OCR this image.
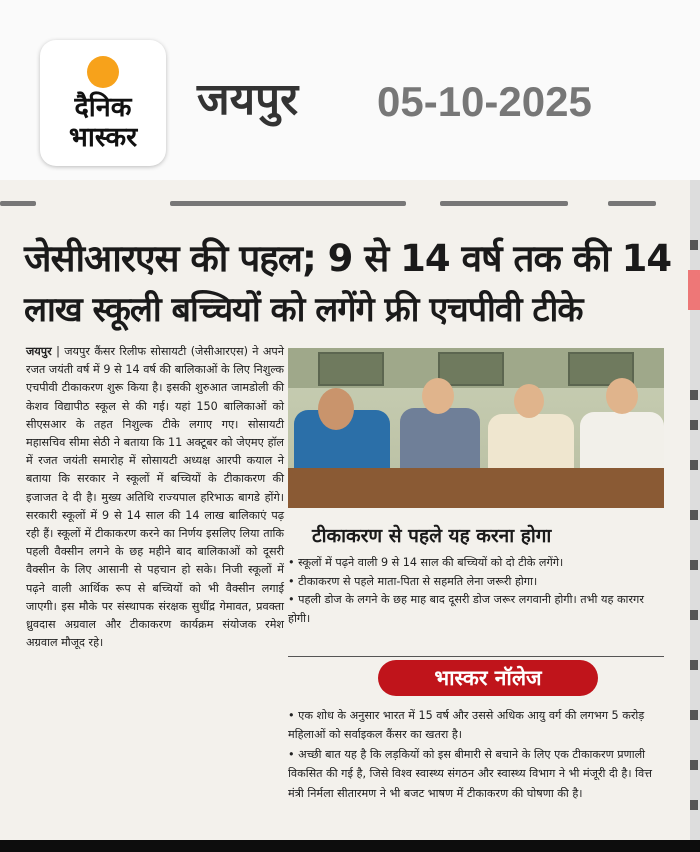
दैनिक
भास्कर
जयपुर 05-10-2025
जेसीआरएस की पहल; 9 से 14 वर्ष तक की 14
लाख स्कूली बच्चियों को लगेंगे फ्री एचपीवी टीके
जयपुर | जयपुर कैंसर रिलीफ सोसायटी (जेसीआरएस) ने अपने रजत जयंती वर्ष में 9 से 14 वर्ष की बालिकाओं के लिए निशुल्क एचपीवी टीकाकरण शुरू किया है। इसकी शुरुआत जामडोली की केशव विद्यापीठ स्कूल से की गई। यहां 150 बालिकाओं को सीएसआर के तहत निशुल्क टीके लगाए गए। सोसायटी महासचिव सीमा सेठी ने बताया कि 11 अक्टूबर को जेएमए हॉल में रजत जयंती समारोह में सोसायटी अध्यक्ष आरपी कयाल ने बताया कि सरकार ने स्कूलों में बच्चियों के टीकाकरण की इजाजत दे दी है। मुख्य अतिथि राज्यपाल हरिभाऊ बागडे होंगे। सरकारी स्कूलों में 9 से 14 साल की 14 लाख बालिकाएं पढ़ रही हैं। स्कूलों में टीकाकरण करने का निर्णय इसलिए लिया ताकि पहली वैक्सीन लगने के छह महीने बाद बालिकाओं को दूसरी वैक्सीन के लिए आसानी से पहचान हो सके। निजी स्कूलों में पढ़ने वाली आर्थिक रूप से बच्चियों को भी वैक्सीन लगाई जाएगी। इस मौके पर संस्थापक संरक्षक सुधींद्र गेमावत, प्रवक्ता ध्रुवदास अग्रवाल और टीकाकरण कार्यक्रम संयोजक रमेश अग्रवाल मौजूद रहे।
टीकाकरण से पहले यह करना होगा
• स्कूलों में पढ़ने वाली 9 से 14 साल की बच्चियों को दो टीके लगेंगे।
• टीकाकरण से पहले माता-पिता से सहमति लेना जरूरी होगा।
• पहली डोज के लगने के छह माह बाद दूसरी डोज जरूर लगवानी होगी। तभी यह कारगर होगी।
भास्कर नॉलेज
• एक शोध के अनुसार भारत में 15 वर्ष और उससे अधिक आयु वर्ग की लगभग 5 करोड़ महिलाओं को सर्वाइकल कैंसर का खतरा है।
• अच्छी बात यह है कि लड़कियों को इस बीमारी से बचाने के लिए एक टीकाकरण प्रणाली विकसित की गई है, जिसे विश्व स्वास्थ्य संगठन और स्वास्थ्य विभाग ने भी मंजूरी दी है। वित्त मंत्री निर्मला सीतारमण ने भी बजट भाषण में टीकाकरण की घोषणा की है।
